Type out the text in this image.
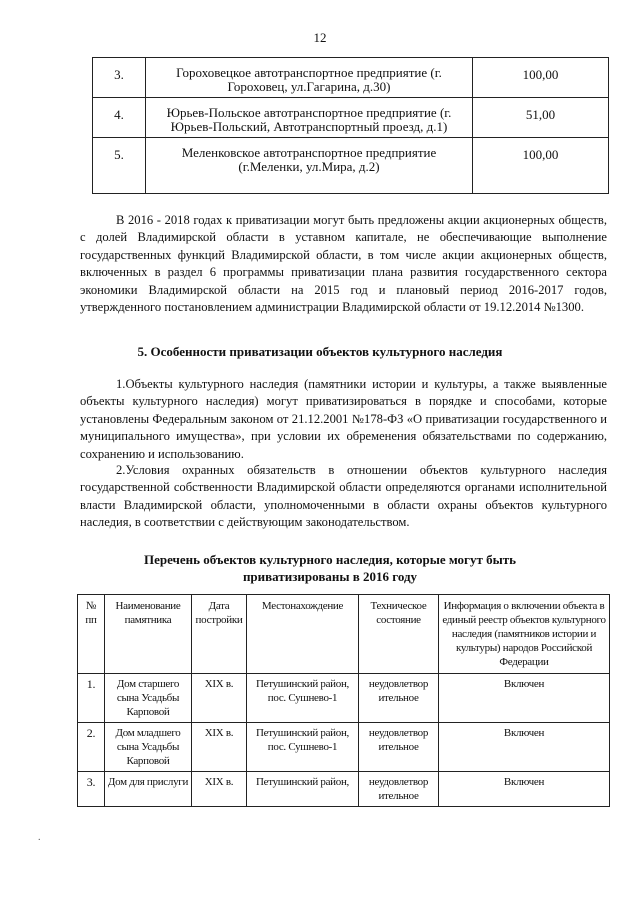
12
3.	Гороховецкое автотранспортное предприятие (г. Гороховец, ул.Гагарина, д.30)	100,00
4.	Юрьев-Польское автотранспортное предприятие (г. Юрьев-Польский, Автотранспортный проезд, д.1)	51,00
5.	Меленковское автотранспортное предприятие (г.Меленки, ул.Мира, д.2)	100,00

В 2016 - 2018 годах к приватизации могут быть предложены акции акционерных обществ, с долей Владимирской области в уставном капитале, не обеспечивающие выполнение государственных функций Владимирской области, в том числе акции акционерных обществ, включенных в раздел 6 программы приватизации плана развития государственного сектора экономики Владимирской области на 2015 год и плановый период 2016-2017 годов, утвержденного постановлением администрации Владимирской области от 19.12.2014 №1300.

5. Особенности приватизации объектов культурного наследия

1.Объекты культурного наследия (памятники истории и культуры, а также выявленные объекты культурного наследия) могут приватизироваться в порядке и способами, которые установлены Федеральным законом от 21.12.2001 №178-ФЗ «О приватизации государственного и муниципального имущества», при условии их обременения обязательствами по содержанию, сохранению и использованию.

2.Условия охранных обязательств в отношении объектов культурного наследия государственной собственности Владимирской области определяются органами исполнительной власти Владимирской области, уполномоченными в области охраны объектов культурного наследия, в соответствии с действующим законодательством.

Перечень объектов культурного наследия, которые могут быть приватизированы в 2016 году
№ пп	Наименование памятника	Дата постройки	Местонахождение	Техническое состояние	Информация о включении объекта в единый реестр объектов культурного наследия (памятников истории и культуры) народов Российской Федерации
1.	Дом старшего сына Усадьбы Карповой	XIX в.	Петушинский район, пос. Сушнево-1	неудовлетвор ительное	Включен
2.	Дом младшего сына Усадьбы Карповой	XIX в.	Петушинский район, пос. Сушнево-1	неудовлетвор ительное	Включен
3.	Дом для прислуги	XIX в.	Петушинский район,	неудовлетвор ительное	Включен
.
